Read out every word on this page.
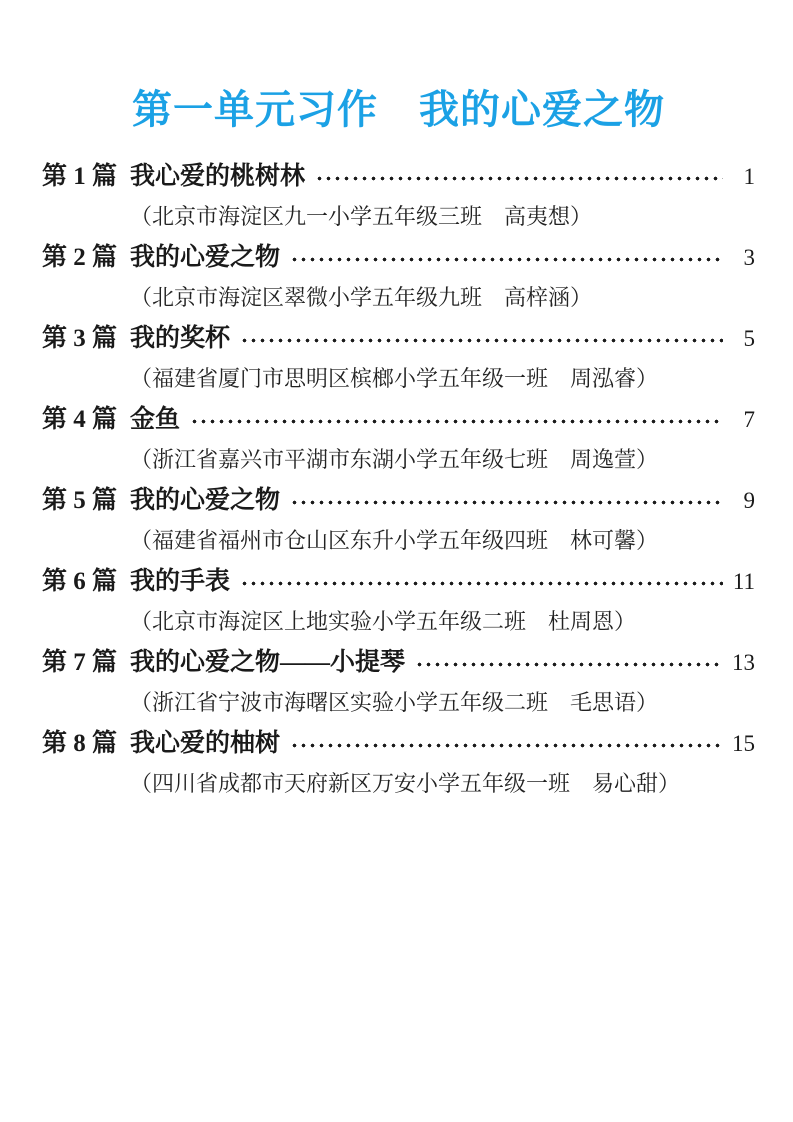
第一单元习作　我的心爱之物
第 1 篇 我心爱的桃树林	1
（北京市海淀区九一小学五年级三班　高夷想）
第 2 篇 我的心爱之物	3
（北京市海淀区翠微小学五年级九班　高梓涵）
第 3 篇 我的奖杯	5
（福建省厦门市思明区槟榔小学五年级一班　周泓睿）
第 4 篇 金鱼	7
（浙江省嘉兴市平湖市东湖小学五年级七班　周逸萱）
第 5 篇 我的心爱之物	9
（福建省福州市仓山区东升小学五年级四班　林可馨）
第 6 篇 我的手表	11
（北京市海淀区上地实验小学五年级二班　杜周恩）
第 7 篇 我的心爱之物——小提琴	13
（浙江省宁波市海曙区实验小学五年级二班　毛思语）
第 8 篇 我心爱的柚树	15
（四川省成都市天府新区万安小学五年级一班　易心甜）
